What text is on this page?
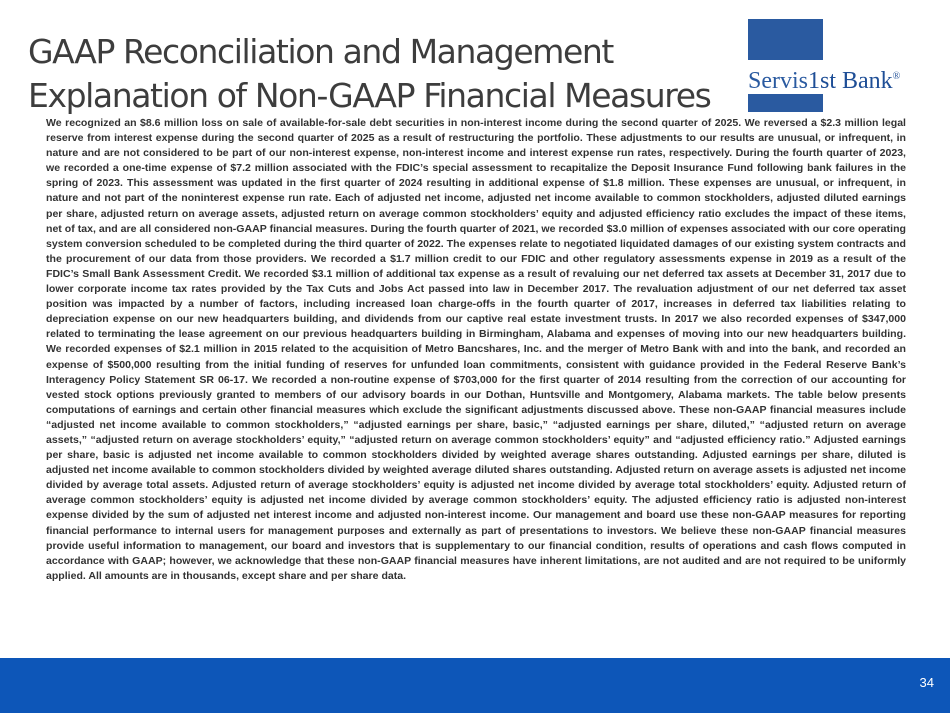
GAAP Reconciliation and Management
Explanation of Non-GAAP Financial Measures Servis1st Bank®

We recognized an $8.6 million loss on sale of available-for-sale debt securities in non-interest income during the second quarter of 2025. We reversed a $2.3 million legal reserve from interest expense during the second quarter of 2025 as a result of restructuring the portfolio. These adjustments to our results are unusual, or infrequent, in nature and are not considered to be part of our non-interest expense, non-interest income and interest expense run rates, respectively. During the fourth quarter of 2023, we recorded a one-time expense of $7.2 million associated with the FDIC’s special assessment to recapitalize the Deposit Insurance Fund following bank failures in the spring of 2023. This assessment was updated in the first quarter of 2024 resulting in additional expense of $1.8 million. These expenses are unusual, or infrequent, in nature and not part of the noninterest expense run rate. Each of adjusted net income, adjusted net income available to common stockholders, adjusted diluted earnings per share, adjusted return on average assets, adjusted return on average common stockholders’ equity and adjusted efficiency ratio excludes the impact of these items, net of tax, and are all considered non-GAAP financial measures. During the fourth quarter of 2021, we recorded $3.0 million of expenses associated with our core operating system conversion scheduled to be completed during the third quarter of 2022. The expenses relate to negotiated liquidated damages of our existing system contracts and the procurement of our data from those providers. We recorded a $1.7 million credit to our FDIC and other regulatory assessments expense in 2019 as a result of the FDIC’s Small Bank Assessment Credit. We recorded $3.1 million of additional tax expense as a result of revaluing our net deferred tax assets at December 31, 2017 due to lower corporate income tax rates provided by the Tax Cuts and Jobs Act passed into law in December 2017. The revaluation adjustment of our net deferred tax asset position was impacted by a number of factors, including increased loan charge-offs in the fourth quarter of 2017, increases in deferred tax liabilities relating to depreciation expense on our new headquarters building, and dividends from our captive real estate investment trusts. In 2017 we also recorded expenses of $347,000 related to terminating the lease agreement on our previous headquarters building in Birmingham, Alabama and expenses of moving into our new headquarters building. We recorded expenses of $2.1 million in 2015 related to the acquisition of Metro Bancshares, Inc. and the merger of Metro Bank with and into the bank, and recorded an expense of $500,000 resulting from the initial funding of reserves for unfunded loan commitments, consistent with guidance provided in the Federal Reserve Bank’s Interagency Policy Statement SR 06-17. We recorded a non-routine expense of $703,000 for the first quarter of 2014 resulting from the correction of our accounting for vested stock options previously granted to members of our advisory boards in our Dothan, Huntsville and Montgomery, Alabama markets. The table below presents computations of earnings and certain other financial measures which exclude the significant adjustments discussed above. These non-GAAP financial measures include “adjusted net income available to common stockholders,” “adjusted earnings per share, basic,” “adjusted earnings per share, diluted,” “adjusted return on average assets,” “adjusted return on average stockholders’ equity,” “adjusted return on average common stockholders’ equity” and “adjusted efficiency ratio.” Adjusted earnings per share, basic is adjusted net income available to common stockholders divided by weighted average shares outstanding. Adjusted earnings per share, diluted is adjusted net income available to common stockholders divided by weighted average diluted shares outstanding. Adjusted return on average assets is adjusted net income divided by average total assets. Adjusted return of average stockholders’ equity is adjusted net income divided by average total stockholders’ equity. Adjusted return of average common stockholders’ equity is adjusted net income divided by average common stockholders’ equity. The adjusted efficiency ratio is adjusted non-interest expense divided by the sum of adjusted net interest income and adjusted non-interest income. Our management and board use these non-GAAP measures for reporting financial performance to internal users for management purposes and externally as part of presentations to investors. We believe these non-GAAP financial measures provide useful information to management, our board and investors that is supplementary to our financial condition, results of operations and cash flows computed in accordance with GAAP; however, we acknowledge that these non-GAAP financial measures have inherent limitations, are not audited and are not required to be uniformly applied. All amounts are in thousands, except share and per share data.

34
